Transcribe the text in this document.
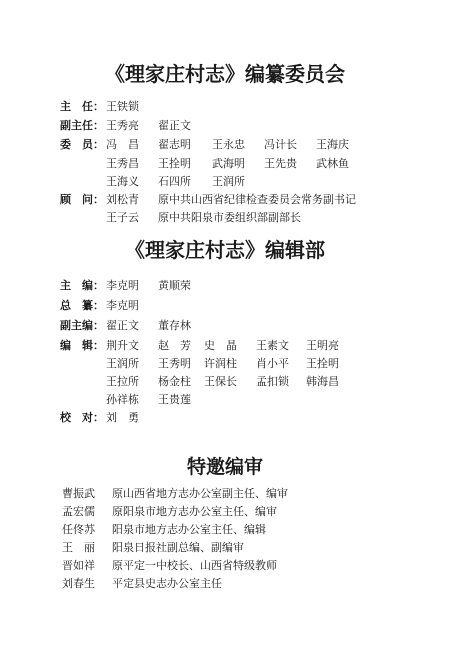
《理家庄村志》编纂委员会
主　任： 王铁锁
副主任： 王秀亮 翟正文
委　员： 冯　昌 翟志明 王永忠 冯计长 王海庆
王秀昌 王拴明 武海明 王先贵 武林鱼
王海义 石四所 王润所
顾　问： 刘松青 原中共山西省纪律检查委员会常务副书记
王子云 原中共阳泉市委组织部副部长
《理家庄村志》编辑部
主　编： 李克明 黄顺荣
总　纂： 李克明
副主编： 翟正文 董存林
编　辑： 荆升文 赵　芳 史　晶 王素文 王明亮
王润所 王秀明 许润柱 肖小平 王拴明
王拉所 杨金柱 王保长 孟扣锁 韩海昌
孙祥栋 王贵莲
校　对： 刘　勇
特邀编审
曹振武 原山西省地方志办公室副主任、编审
孟宏儒 原阳泉市地方志办公室主任、编审
任佟苏 阳泉市地方志办公室主任、编辑
王　丽 阳泉日报社副总编、副编审
晋如祥 原平定一中校长、山西省特级教师
刘春生 平定县史志办公室主任
